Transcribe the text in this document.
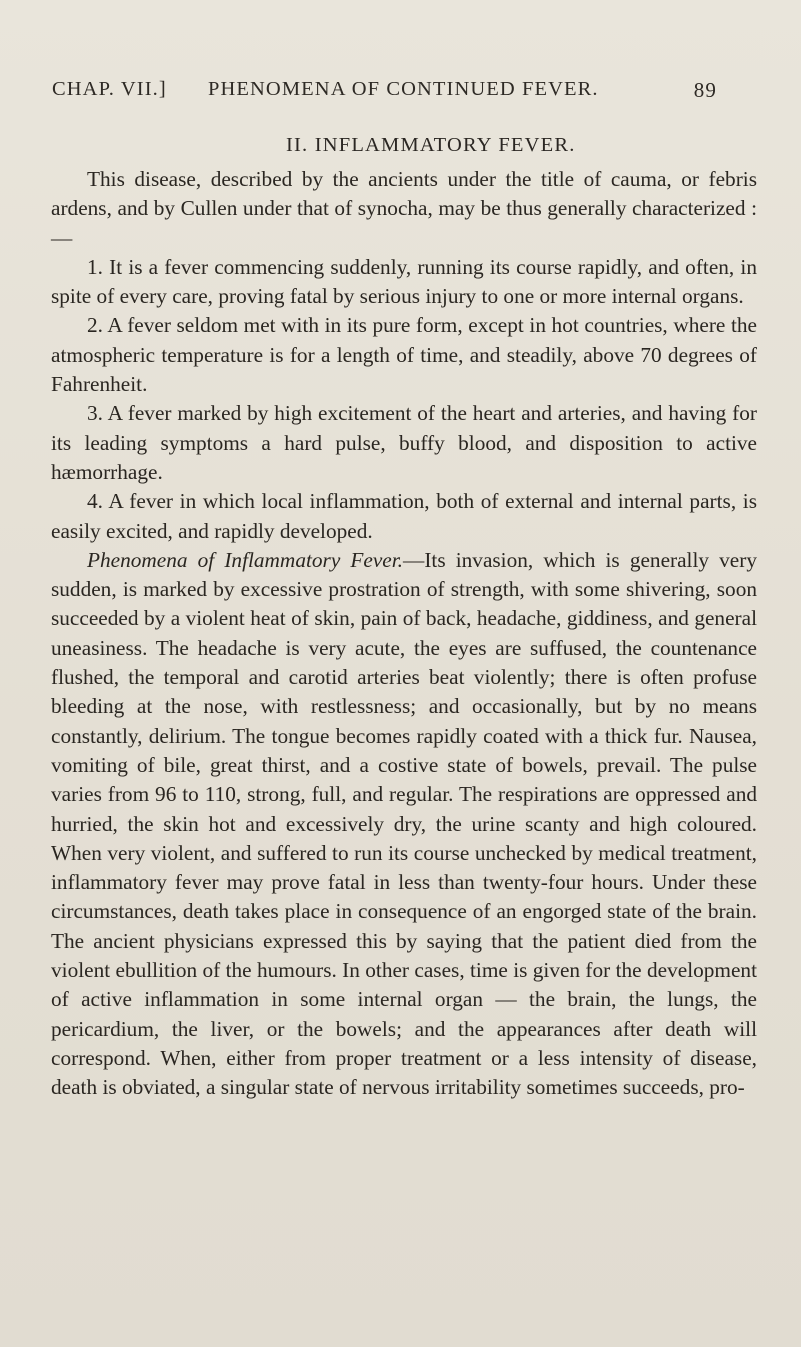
CHAP. VII.] PHENOMENA OF CONTINUED FEVER.	89
II. INFLAMMATORY FEVER.

This disease, described by the ancients under the title of cauma, or febris ardens, and by Cullen under that of synocha, may be thus generally characterized :—

1. It is a fever commencing suddenly, running its course rapidly, and often, in spite of every care, proving fatal by serious injury to one or more internal organs.

2. A fever seldom met with in its pure form, except in hot countries, where the atmospheric temperature is for a length of time, and steadily, above 70 degrees of Fahrenheit.

3. A fever marked by high excitement of the heart and arteries, and having for its leading symptoms a hard pulse, buffy blood, and disposition to active hæmorrhage.

4. A fever in which local inflammation, both of external and internal parts, is easily excited, and rapidly developed.

Phenomena of Inflammatory Fever.—Its invasion, which is generally very sudden, is marked by excessive prostration of strength, with some shivering, soon succeeded by a violent heat of skin, pain of back, headache, giddiness, and general uneasiness. The headache is very acute, the eyes are suffused, the countenance flushed, the temporal and carotid arteries beat violently; there is often profuse bleeding at the nose, with restlessness; and occasionally, but by no means constantly, delirium. The tongue becomes rapidly coated with a thick fur. Nausea, vomiting of bile, great thirst, and a costive state of bowels, prevail. The pulse varies from 96 to 110, strong, full, and regular. The respirations are oppressed and hurried, the skin hot and excessively dry, the urine scanty and high coloured. When very violent, and suffered to run its course unchecked by medical treatment, inflammatory fever may prove fatal in less than twenty-four hours. Under these circumstances, death takes place in consequence of an engorged state of the brain. The ancient physicians expressed this by saying that the patient died from the violent ebullition of the humours. In other cases, time is given for the development of active inflammation in some internal organ — the brain, the lungs, the pericardium, the liver, or the bowels; and the appearances after death will correspond. When, either from proper treatment or a less intensity of disease, death is obviated, a singular state of nervous irritability sometimes succeeds, pro-
